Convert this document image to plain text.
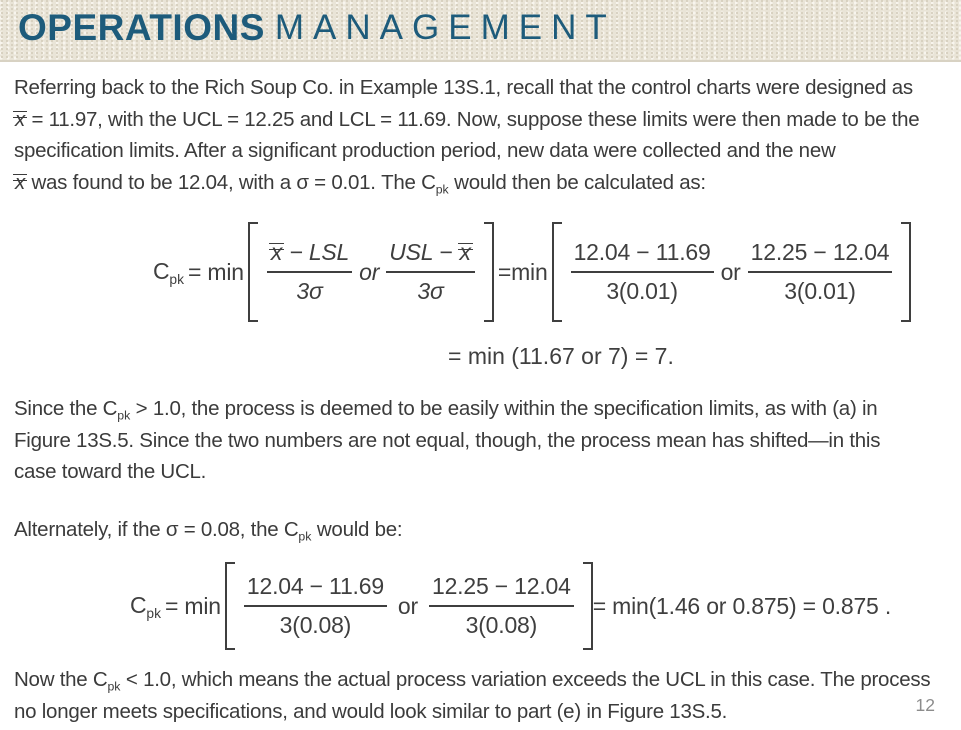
OPERATIONS MANAGEMENT
Referring back to the Rich Soup Co. in Example 13S.1, recall that the control charts were designed as
x = 11.97, with the UCL = 12.25 and LCL = 11.69. Now, suppose these limits were then made to be the
specification limits. After a significant production period, new data were collected and the new
x was found to be 12.04, with a σ = 0.01. The $C_{pk}$ would then be calculated as:
$C_{pk} = \min \frac{\text{x − LSL}}{3\sigma}$ or $\frac{\text{USL − x}}{3\sigma} =\min \frac{12.04 - 11.69}{3(0.01)}$ or $\frac{12.25 - 12.04}{3(0.01)}$
= min (11.67 or 7) = 7.
Since the $C_{pk} > 1.0$, the process is deemed to be easily within the specification limits, as with (a) in
Figure 13S.5. Since the two numbers are not equal, though, the process mean has shifted—in this
case toward the UCL.
Alternately, if the σ = 0.08, the $C_{pk}$ would be:
$C_{pk} = \min \frac{12.04 - 11.69}{3(0.08)}$ or $\frac{12.25 - 12.04}{3(0.08)} = \min(1.46$ or 0.875) = 0.875 .
Now the $C_{pk} < 1.0$, which means the actual process variation exceeds the UCL in this case. The process
no longer meets specifications, and would look similar to part (e) in Figure 13S.5.	12
